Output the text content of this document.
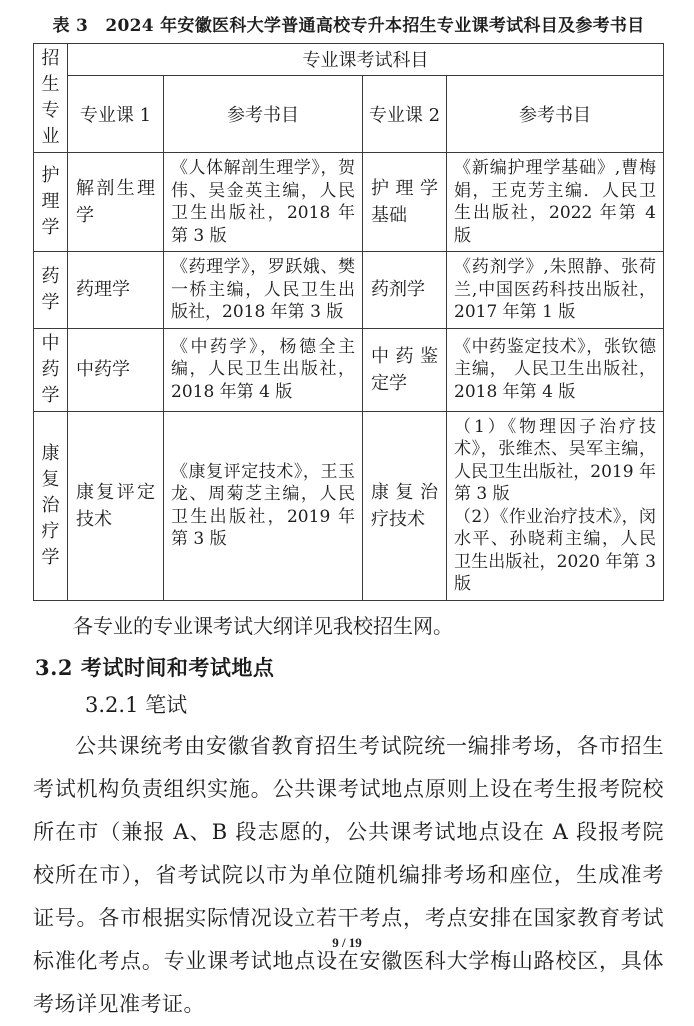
表 3　2024 年安徽医科大学普通高校专升本招生专业课考试科目及参考书目
招生专业	专业课考试科目			
	专业课 1	参考书目	专业课 2	参考书目
护理学	解剖生理学	《人体解剖生理学》，贺伟、吴金英主编，人民卫生出版社，2018 年第 3 版	护理学基础	《新编护理学基础》,曹梅娟，王克芳主编．人民卫生出版社，2022 年第 4 版
药学	药理学	《药理学》，罗跃娥、樊一桥主编，人民卫生出版社，2018 年第 3 版	药剂学	《药剂学》,朱照静、张荷兰,中国医药科技出版社，2017 年第 1 版
中药学	中药学	《中药学》，杨德全主编，人民卫生出版社，2018 年第 4 版	中药鉴定学	《中药鉴定技术》，张钦德主编， 人民卫生出版社，2018 年第 4 版
康复治疗学	康复评定技术	《康复评定技术》，王玉龙、周菊芝主编，人民卫生出版社，2019 年第 3 版	康复治疗技术	（1）《物理因子治疗技术》，张维杰、吴军主编，人民卫生出版社，2019 年第 3 版
（2）《作业治疗技术》，闵水平、孙晓莉主编，人民卫生出版社，2020 年第 3 版

各专业的专业课考试大纲详见我校招生网。

3.2 考试时间和考试地点
3.2.1 笔试

公共课统考由安徽省教育招生考试院统一编排考场，各市招生考试机构负责组织实施。公共课考试地点原则上设在考生报考院校所在市（兼报 A、B 段志愿的，公共课考试地点设在 A 段报考院校所在市），省考试院以市为单位随机编排考场和座位，生成准考证号。各市根据实际情况设立若干考点，考点安排在国家教育考试标准化考点。专业课考试地点设在安徽医科大学梅山路校区，具体考场详见准考证。

9 / 19
